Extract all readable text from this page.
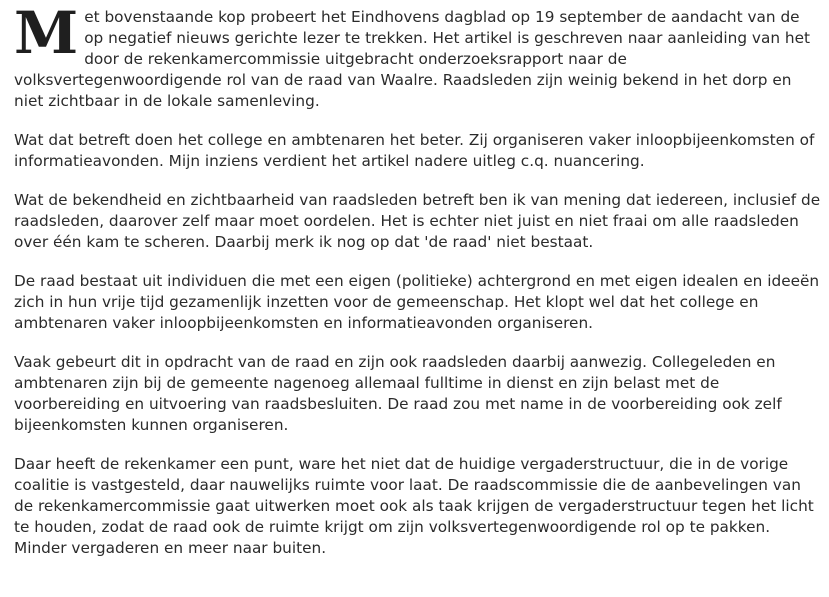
Met bovenstaande kop probeert het Eindhovens dagblad op 19 september de aandacht van de op negatief nieuws gerichte lezer te trekken. Het artikel is geschreven naar aanleiding van het door de rekenkamercommissie uitgebracht onderzoeksrapport naar de volksvertegenwoordigende rol van de raad van Waalre. Raadsleden zijn weinig bekend in het dorp en niet zichtbaar in de lokale samenleving.

Wat dat betreft doen het college en ambtenaren het beter. Zij organiseren vaker inloopbijeenkomsten of informatieavonden. Mijn inziens verdient het artikel nadere uitleg c.q. nuancering.

Wat de bekendheid en zichtbaarheid van raadsleden betreft ben ik van mening dat iedereen, inclusief de raadsleden, daarover zelf maar moet oordelen. Het is echter niet juist en niet fraai om alle raadsleden over één kam te scheren. Daarbij merk ik nog op dat 'de raad' niet bestaat.

De raad bestaat uit individuen die met een eigen (politieke) achtergrond en met eigen idealen en ideeën zich in hun vrije tijd gezamenlijk inzetten voor de gemeenschap. Het klopt wel dat het college en ambtenaren vaker inloopbijeenkomsten en informatieavonden organiseren.

Vaak gebeurt dit in opdracht van de raad en zijn ook raadsleden daarbij aanwezig. Collegeleden en ambtenaren zijn bij de gemeente nagenoeg allemaal fulltime in dienst en zijn belast met de voorbereiding en uitvoering van raadsbesluiten. De raad zou met name in de voorbereiding ook zelf bijeenkomsten kunnen organiseren.

Daar heeft de rekenkamer een punt, ware het niet dat de huidige vergaderstructuur, die in de vorige coalitie is vastgesteld, daar nauwelijks ruimte voor laat. De raadscommissie die de aanbevelingen van de rekenkamercommissie gaat uitwerken moet ook als taak krijgen de vergaderstructuur tegen het licht te houden, zodat de raad ook de ruimte krijgt om zijn volksvertegenwoordigende rol op te pakken. Minder vergaderen en meer naar buiten.
